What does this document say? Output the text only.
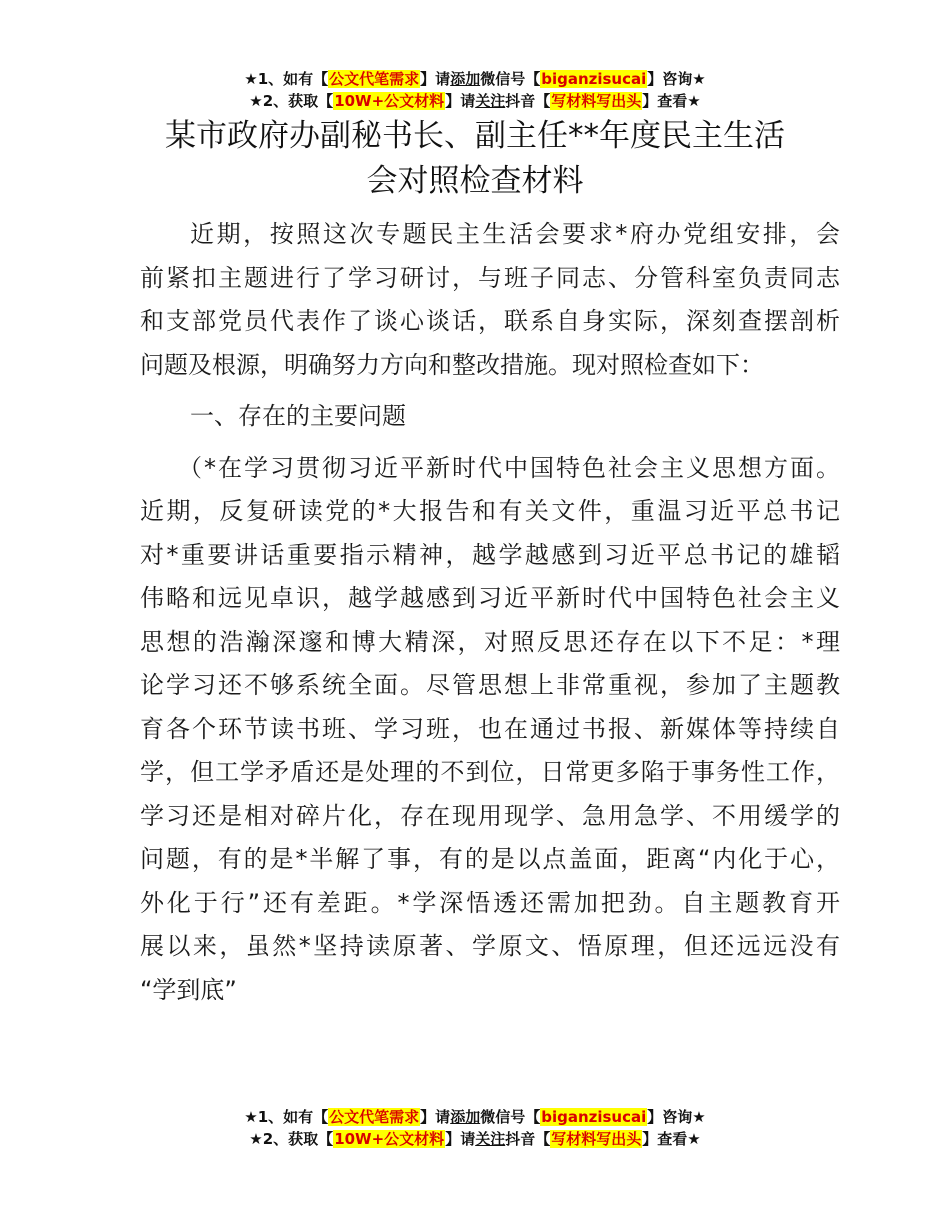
★1、如有【公文代笔需求】请添加微信号【biganzisucai】咨询★
★2、获取【10W+公文材料】请关注抖音【写材料写出头】查看★
某市政府办副秘书长、副主任**年度民主生活
会对照检查材料
近期，按照这次专题民主生活会要求*府办党组安排，会
前紧扣主题进行了学习研讨，与班子同志、分管科室负责同志
和支部党员代表作了谈心谈话，联系自身实际，深刻查摆剖析
问题及根源，明确努力方向和整改措施。现对照检查如下：
一、存在的主要问题
（*在学习贯彻习近平新时代中国特色社会主义思想方面。
近期，反复研读党的*大报告和有关文件，重温习近平总书记
对*重要讲话重要指示精神，越学越感到习近平总书记的雄韬
伟略和远见卓识，越学越感到习近平新时代中国特色社会主义
思想的浩瀚深邃和博大精深，对照反思还存在以下不足：*理
论学习还不够系统全面。尽管思想上非常重视，参加了主题教
育各个环节读书班、学习班，也在通过书报、新媒体等持续自
学，但工学矛盾还是处理的不到位，日常更多陷于事务性工作，
学习还是相对碎片化，存在现用现学、急用急学、不用缓学的
问题，有的是*半解了事，有的是以点盖面，距离“内化于心，
外化于行”还有差距。*学深悟透还需加把劲。自主题教育开
展以来，虽然*坚持读原著、学原文、悟原理，但还远远没有
“学到底”
★1、如有【公文代笔需求】请添加微信号【biganzisucai】咨询★
★2、获取【10W+公文材料】请关注抖音【写材料写出头】查看★
